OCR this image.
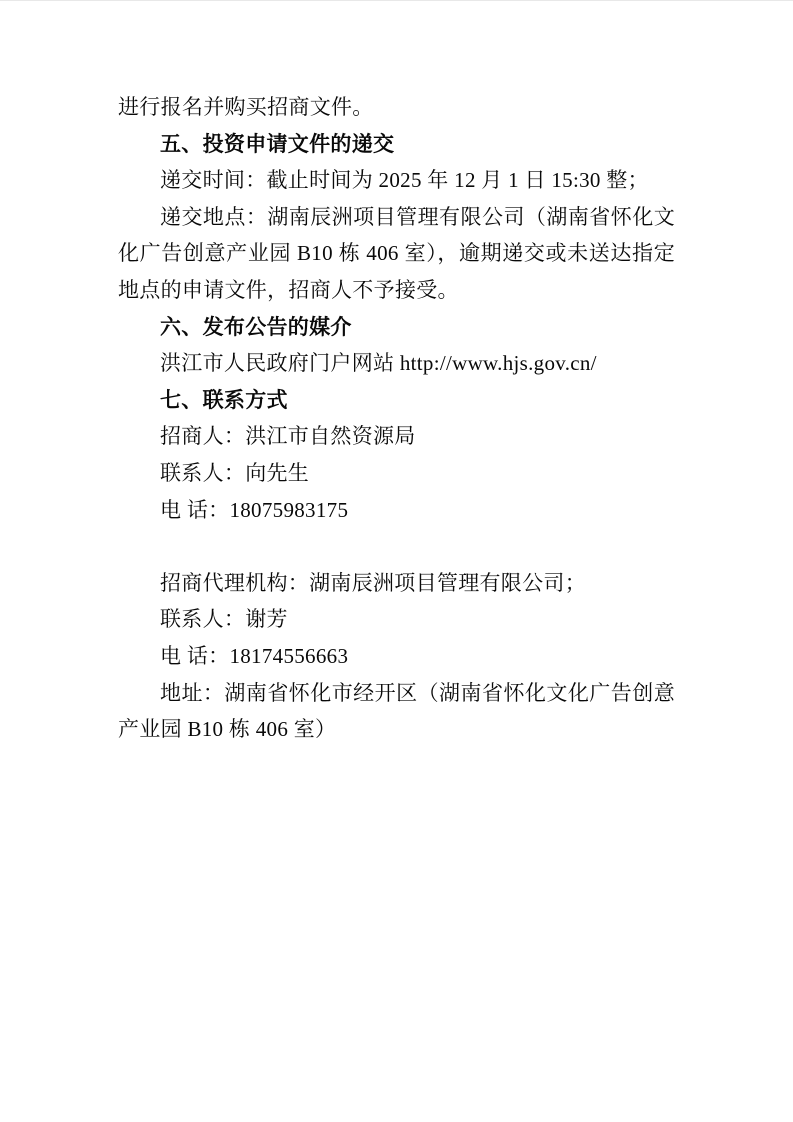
进行报名并购买招商文件。

五、投资申请文件的递交

递交时间：截止时间为 2025 年 12 月 1 日 15:30 整；

递交地点：湖南辰洲项目管理有限公司（湖南省怀化文化广告创意产业园 B10 栋 406 室），逾期递交或未送达指定地点的申请文件，招商人不予接受。

六、发布公告的媒介

洪江市人民政府门户网站 http://www.hjs.gov.cn/

七、联系方式

招商人：洪江市自然资源局

联系人：向先生

电 话：18075983175

招商代理机构：湖南辰洲项目管理有限公司；

联系人：谢芳

电 话：18174556663

地址：湖南省怀化市经开区（湖南省怀化文化广告创意产业园 B10 栋 406 室）
